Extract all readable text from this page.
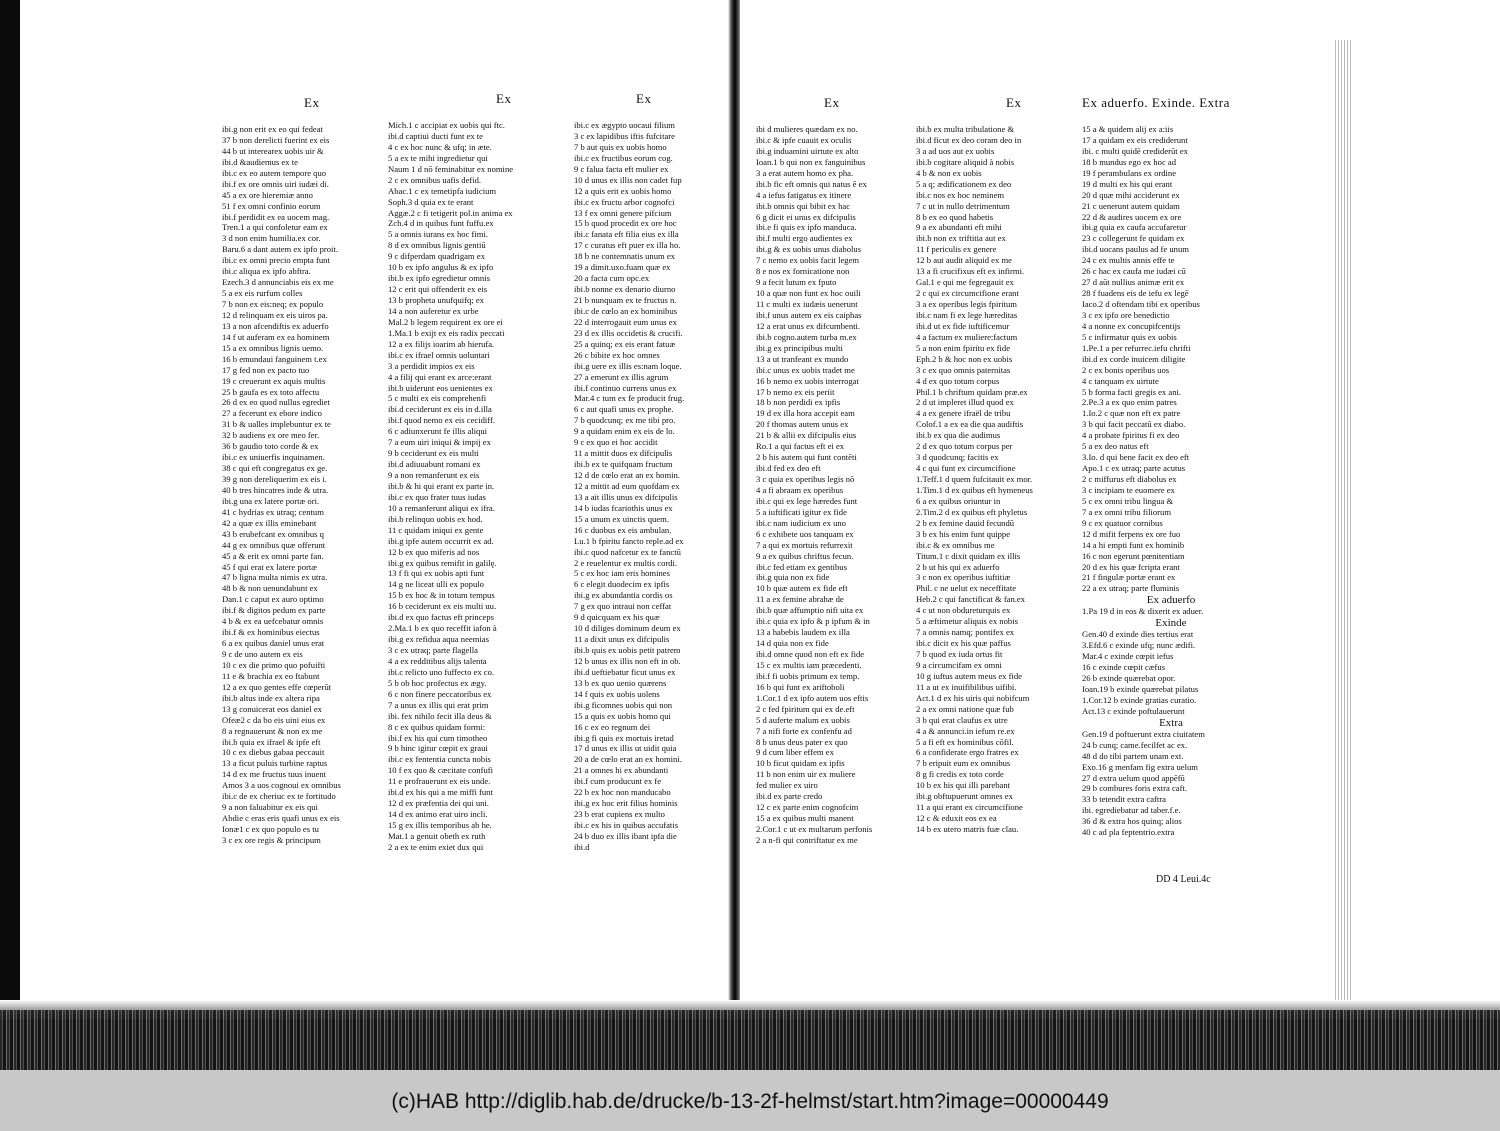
Ex
ibi.g non erit ex eo qui fedeat
37 b non derelicti fuerint ex eis
44 b ut interearex uobis uir &
ibi.d &audiemus ex te
ibi.c ex eo autem tempore quo
ibi.f ex ore omnis uiri iudæi di.
45 a ex ore hieremiæ anno
51 f ex omni confinio eorum
ibi.f perdidit ex ea uocem mag.
Tren.1 a qui confoletur eam ex
3 d non enim humilia.ex cor.
Baru.6 a dant autem ex ipfo proit.
ibi.c ex omni precio empta funt
ibi.c aliqua ex ipfo abftra.
Ezech.3 d annunciabis eis ex me
5 a ex eis rurfum colles
7 b non ex eis:neq; ex populo
12 d relinquam ex eis uiros pa.
13 a non afcendiftis ex aduerfo
14 f ut auferam ex ea hominem
15 a ex omnibus lignis uemo.
16 b emundaui fanguinem t.ex
17 g fed non ex pacto tuo
19 c creuerunt ex aquis multis
25 b gaufa es ex toto affectu
26 d ex eo quod nullus egrediet
27 a fecerunt ex ebore indico
31 b & ualles implebuntur ex te
32 b audiens ex ore meo fer.
36 b gaudio toto corde & ex
ibi.c ex uniuerfis inquinamen.
38 c qui eft congregatus ex ge.
39 g non dereliquerim ex eis i.
40 b tres hincatres inde & utra.
ibi.g una ex latere portæ ori.
41 c hydrias ex utraq; centum
42 a quæ ex illis eminebant
43 b erubefcant ex omnibus q
44 g ex omnibus quæ offerunt
45 a & erit ex omni parte fan.
45 f qui erat ex latere portæ
47 b ligna multa nimis ex utra.
48 b & non uenundabunt ex
Dan.1 c caput ex auro optimo
ibi.f & digitos pedum ex parte
4 b & ex ea uefcebatur omnis
ibi.f & ex hominibus eiectus
6 a ex quibus daniel unus erat
9 c de uno autem ex eis
10 c ex die primo quo pofuifti
11 e & brachia ex eo ftabunt
12 a ex quo gentes effe cœperūt
ibi.b altus inde ex altera ripa
13 g conuicerat eos daniel ex
Ofeæ2 c da bo eis uini eius ex
8 a regnauerunt & non ex me
ibi.b quia ex ifrael & ipfe eft
10 c ex diebus gabaa peccauit
13 a ficut puluis turbine raptus
14 d ex me fructus tuus inuent
Amos 3 a uos cognoui ex omnibus
ibi.c de ex cheriuc ex te fortitudo
9 a non faluabitur ex eis qui
Abdie c eras eris quafi unus ex eis
Ionæ1 c ex quo populo es tu
3 c ex ore regis & principum
Ex
Mich.1 c accipiat ex uobis qui ftc.
ibi.d captiui ducti funt ex te
4 c ex hoc nunc & ufq; in æte.
5 a ex te mihi ingredietur qui
Naum 1 d nō feminabitur ex nomine
2 c ex omnibus uafis defid.
Abac.1 c ex temetipfa iudicium
Soph.3 d quia ex te erant
Aggæ.2 c fi tetigerit pol.in anima ex
Zch.4 d in quibus funt fuffu.ex
5 a omnis iurans ex hoc fimi.
8 d ex omnibus lignis gentiū
9 c difperdam quadrigam ex
10 b ex ipfo angulus & ex ipfo
ibi.b ex ipfo egredietur omnis
12 c erit qui offenderit ex eis
13 b propheta unufquifq; ex
14 a non auferetur ex urbe
Mal.2 b legem requirent ex ore ei
1.Ma.1 b exijt ex eis radix peccati
12 a ex filijs ioarim ab hierufa.
ibi.c ex ifrael omnis uoluntari
3 a perdidit impios ex eis
4 a filij qui erant ex arce:erant
ibi.b uiderunt eos uenientes ex
5 c multi ex eis comprehenfi
ibi.d ceciderunt ex eis in d.illa
ibi.f quod nemo ex eis cecidiff.
6 c adiunxerunt fe illis aliqui
7 a eum uiri iniqui & impij ex
9 b ceciderunt ex eis multi
ibi.d adiuuabunt romani ex
9 a non remanferunt ex eis
ibi.b & hi qui erant ex parte in.
ibi.c ex quo frater tuus iudas
10 a remanferunt aliqui ex ifra.
ibi.b relinquo uobis ex hod.
11 c quidam iniqui ex gente
ibi.g ipfe autem occurrit ex ad.
12 b ex quo miferis ad nos
ibi.g ex quibus remifit in galilę.
13 f fi qui ex uobis apti funt
14 g ne liceat ulli ex populo
15 b ex hoc & in totum tempus
16 b ceciderunt ex eis multi uu.
ibi.d ex quo factus eft princeps
2.Ma.1 b ex quo receffit iafon à
ibi.g ex refidua aqua neemias
3 c ex utraq; parte flagella
4 a ex redditibus alijs talenta
ibi.c relicto uno fuffecto ex co.
5 b ob hoc profectus ex ægy.
6 c non finere peccatoribus ex
7 a unus ex illis qui erat prim
ibi. fex nihilo fecit illa deus &
8 c ex quibus quidam formi:
ibi.f ex his qui cum timotheo
9 b hinc igitur cœpit ex graui
ibi.c ex fententia cuncta nobis
10 f ex quo & cæcitate confufi
11 e profrauerunt ex eis unde.
ibi.d ex his qui a me miffi funt
12 d ex præfentia dei qui uni.
14 d ex animo erat uiro incli.
15 g ex illis temporibus ab he.
Mat.1 a genuit obeth ex ruth
2 a ex te enim exiet dux qui
Ex
ibi.c ex ægypto uocaui filium
3 c ex lapidibus iftis fufcitare
7 b aut quis ex uobis homo
ibi.c ex fructibus eorum cog.
9 c falua facta eft mulier ex
10 d unus ex illis non cadet fup
12 a quis erit ex uobis homo
ibi.c ex fructu arbor cognofci
13 f ex omni genere pifcium
15 b quod procedit ex ore hoc
ibi.c fanata eft filia eius ex illa
17 c curatus eft puer ex illa ho.
18 b ne contemnatis unum ex
19 a dimit.uxo.fuam quæ ex
20 a facta cum opc.ex
ibi.b nonne ex denario diurno
21 b nunquam ex te fructus n.
ibi.c de cœlo an ex hominibus
22 d interrogauit eum unus ex
23 d ex illis occidetis & crucifi.
25 a quinq; ex eis erant fatuæ
26 c bibite ex hoc omnes
ibi.g uere ex illis es:nam loque.
27 a emerunt ex illis agrum
ibi.f continuo currens unus ex
Mar.4 c tum ex fe producit frug.
6 c aut quafi unus ex prophe.
7 b quodcunq; ex me tibi pro.
9 a quidam enim ex eis de lo.
9 c ex quo ei hoc accidit
11 a mittit duos ex difcipulis
ibi.b ex te quifquam fructum
12 d de cœlo erat an ex homin.
12 a mittit ad eum quofdam ex
13 a ait illis unus ex difcipulis
14 b iudas fcariothis unus ex
15 a unum ex uinctis quem.
16 c duobus ex eis ambulan.
Lu.1 b fpiritu fancto reple.ad ex
ibi.c quod nafcetur ex te fanctū
2 e reuelentur ex multis cordi.
5 c ex hoc iam eris homines
6 c elegit duodecim ex ipfis
ibi.g ex abundantia cordis os
7 g ex quo intraui non ceffat
9 d quicquam ex his quæ
10 d diliges dominum deum ex
11 a dixit unus ex difcipulis
ibi.b quis ex uobis petit patrem
12 b unus ex illis non eft in ob.
ibi.d ueftiebatur ficut unus ex
13 b ex quo uenio quærens
14 f quis ex uobis uolens
ibi.g ficomnes uobis qui non
15 a quis ex uobis homo qui
16 c ex eo regnum dei
ibi.g fi quis ex mortuis iretad
17 d unus ex illis ut uidit quia
20 a de cœlo erat an ex homini.
21 a omnes hi ex abundanti
ibi.f cum producunt ex fe
22 b ex hoc non manducabo
ibi.g ex hoc erit filius hominis
23 b erat cupiens ex multo
ibi.c ex his in quibus accufatis
24 b duo ex illis ibant ipfa die
ibi.d
Ex
ibi d mulieres quædam ex no.
ibi.c & ipfe cuauit ex oculis
ibi.g induamini uirtute ex alto
Ioan.1 b qui non ex fanguinibus
3 a erat autem homo ex pha.
ibi.b fic eft omnis qui natus ē ex
4 a iefus fatigatus ex itinere
ibi.b omnis qui bibit ex hac
6 g dicit ei unus ex difcipulis
ibi.e fi quis ex ipfo manduca.
ibi.f multi ergo audientes ex
ibi.g & ex uobis unus diabolus
7 c nemo ex uobis facit legem
8 e nos ex fornicatione non
9 a fecit lutum ex fputo
10 a quæ non funt ex hoc ouili
11 c multi ex iudæis uenerunt
ibi.f unus autem ex eis caiphas
12 a erat unus ex difcumbenti.
ibi.b cogno.autem turba m.ex
ibi.g ex principibus multi
13 a ut tranfeant ex mundo
ibi.c unus ex uobis tradet me
16 b nemo ex uobis interrogat
17 b nemo ex eis periit
18 b non perdidi ex ipfis
19 d ex illa hora accepit eam
20 f thomas autem unus ex
21 b & allii ex difcipulis eius
Ro.1 a qui factus eft ei ex
2 b his autem qui funt contēti
ibi.d fed ex deo eft
3 c quia ex operibus legis nō
4 a fi abraam ex operibus
ibi.c qui ex lege hæredes funt
5 a iuftificati igitur ex fide
ibi.c nam iudicium ex uno
6 c exhibete uos tanquam ex
7 a qui ex mortuis refurrexit
9 a ex quibus chriftus fecun.
ibi.c fed etiam ex gentibus
ibi.g quia non ex fide
10 b quæ autem ex fide eft
11 a ex femine abrahæ de
ibi.b quæ affumptio nifi uita ex
ibi.c quia ex ipfo & p ipfum & in
13 a habebis laudem ex illa
14 d quia non ex fide
ibi.d omne quod non eft ex fide
15 c ex multis iam præcedenti.
ibi.f fi uobis primum ex temp.
16 b qui funt ex ariftoboli
1.Cor.1 d ex ipfo autem uos eftis
2 c fed fpiritum qui ex de.eft
5 d auferte malum ex uobis
7 a nifi forte ex confenfu ad
8 b unus deus pater ex quo
9 d cum liber effem ex
10 b ficut quidam ex ipfis
11 b non enim uir ex muliere
fed mulier ex uiro
ibi.d ex parte credo
12 c ex parte enim cognofcim
15 a ex quibus multi manent
2.Cor.1 c ut ex multarum perfonis
2 a n-fi qui contriftatur ex me
Ex
ibi.b ex multa tribulatione &
ibi.d ficut ex deo coram deo in
3 a ad uos aut ex uobis
ibi.b cogitare aliquid à nobis
4 b & non ex uobis
5 a q; ædificationem ex deo
ibi.c nos ex hoc neminem
7 c ut in nullo detrimentum
8 b ex eo quod habetis
9 a ex abundanti eft mihi
ibi.b non ex triftitia aut ex
11 f periculis ex genere
12 b aut audit aliquid ex me
13 a fi crucifixus eft ex infirmi.
Gal.1 e qui me fegregauit ex
2 c qui ex circumcifione erant
3 a ex operibus legis fpiritum
ibi.c nam fi ex lege hæreditas
ibi.d ut ex fide iuftificemur
4 a factum ex muliere:factum
5 a non enim fpiritu ex fide
Eph.2 b & hoc non ex uobis
3 c ex quo omnis paternitas
4 d ex quo totum corpus
Phil.1 b chriftum quidam præ.ex
2 d ut impleret illud quod ex
4 a ex genere ifraël de tribu
Colof.1 a ex ea die qua audiftis
ibi.b ex qua die audimus
2 d ex quo totum corpus per
3 d quodcunq; facitis ex
4 c qui funt ex circumcifione
1.Teff.1 d quem fufcitauit ex mor.
1.Tim.1 d ex quibus eft hymeneus
6 a ex quibus oriuntur in
2.Tim.2 d ex quibus eft phyletus
2 b ex femine dauid fecundū
3 b ex his enim funt quippe
ibi.c & ex omnibus me
Titum.1 c dixit quidam ex illis
2 b ut his qui ex aduerfo
3 c non ex operibus iuftitiæ
Phil. c ne uelut ex neceffitate
Heb.2 c qui fanctificat & fan.ex
4 c ut non obdureturquis ex
5 a æftimetur aliquis ex nobis
7 a omnis namq; pontifex ex
ibi.c dicit ex his quæ paffus
7 b quod ex iuda ortus fit
9 a circumcifam ex omni
10 g iuftus autem meus ex fide
11 a ut ex inuifibilibus uifibi.
Act.1 d ex his uiris qui nobifcum
2 a ex omni natione quæ fub
3 b qui erat claufus ex utre
4 a & annunci.in iefum re.ex
5 a fi eft ex hominibus cōfil.
6 a confiderate ergo fratres ex
7 b eripuit eum ex omnibus
8 g fi credis ex toto corde
10 b ex his qui illi parebant
ibi.g obftupuerunt omnes ex
11 a qui erant ex circumcifione
12 c & eduxit eos ex ea
14 b ex utero matris fuæ clau.
Ex aduerfo. Exinde. Extra
15 a & quidem alij ex a:iis
17 a quidam ex eis crediderunt
ibi. c multi quidē crediderūt ex
18 b mundus ego ex hoc ad
19 f perambulans ex ordine
19 d multi ex his qui erant
20 d quæ mihi acciderunt ex
21 c uenerunt autem quidam
22 d & audires uocem ex ore
ibi.g quia ex caufa accufaretur
23 c collegerunt fe quidam ex
ibi.d uocans paulus ad fe unum
24 c ex multis annis effe te
26 c hac ex caufa me iudæi cū
27 d aūt nullius animæ erit ex
28 f fuadens eis de iefu ex legē
Iaco.2 d oftendam tibi ex operibus
3 c ex ipfo ore benedictio
4 a nonne ex concupifcentijs
5 c infirmatur quis ex uobis
1.Pe.1 a per refurrec.iefu chrifti
ibi.d ex corde inuicem diligite
2 c ex bonis operibus uos
4 c tanquam ex uirtute
5 b forma facti gregis ex ani.
2.Pe.3 a ex quo enim patres
1.Io.2 c quæ non eft ex patre
3 b qui facit peccatū ex diabo.
4 a probate fpiritus fi ex deo
5 a ex deo natus eft
3.Io. d qui bene facit ex deo eft
Apo.1 c ex utraq; parte acutus
2 c miffurus eft diabolus ex
3 c incipiam te euomere ex
5 c ex omni tribu lingua &
7 a ex omni tribu filiorum
9 c ex quatuor cornibus
12 d mifit ferpens ex ore fuo
14 a hi empti funt ex hominib
16 c non egerunt pœnitentiam
20 d ex his quæ fcripta erant
21 f fingulæ portæ erant ex
22 a ex utraq; parte fluminis
Ex aduerfo
1.Pa 19 d in eos & dixerit ex aduer.
Exinde
Gen.40 d exinde dies tertius erat
3.Efd.6 c exinde ufq; nunc ædifi.
Mar.4 c exinde cœpit iefus
16 c exinde cœpit cæfus
26 b exinde quærebat opor.
Ioan.19 b exinde quærebat pilatus
1.Cor.12 b exinde gratias curatio.
Act.13 c exinde poftulauerunt
Extra
Gen.19 d poftuerunt extra ciuitatem
24 b cunq; came.fecilfet ac ex.
48 d do tibi partem unam ext.
Exo.16 g menfam fig extra uelum
27 d extra uelum quod appēfū
29 b combures foris extra caft.
33 b tetendit extra caftra
ibi. egrediebatur ad taber.f.e.
36 d & extra hos quinq; alios
40 c ad pla feptentrio.extra
DD 4 Leui.4c
(c)HAB http://diglib.hab.de/drucke/b-13-2f-helmst/start.htm?image=00000449
